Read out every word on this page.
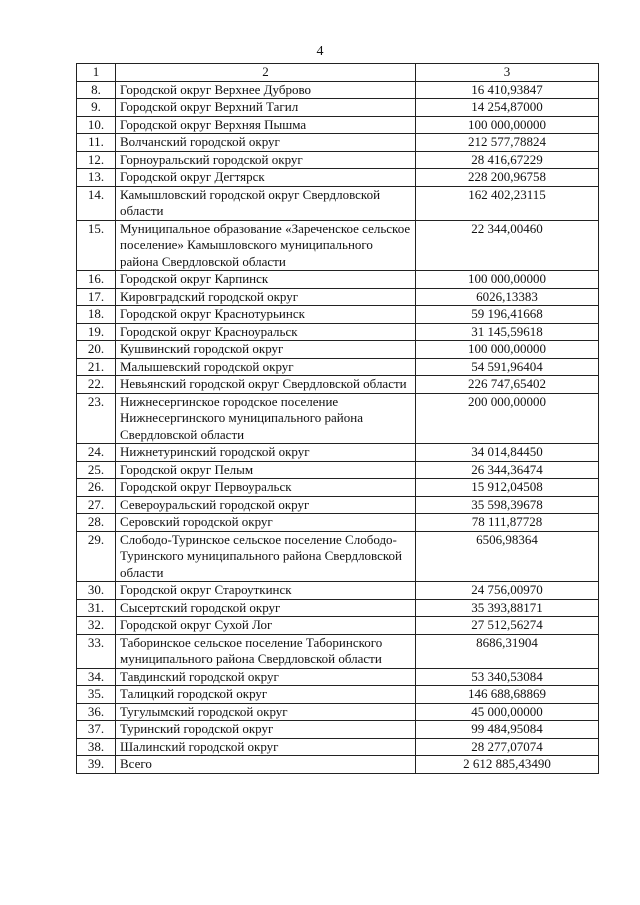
4
1	2	3
8.	Городской округ Верхнее Дуброво	16 410,93847
9.	Городской округ Верхний Тагил	14 254,87000
10.	Городской округ Верхняя Пышма	100 000,00000
11.	Волчанский городской округ	212 577,78824
12.	Горноуральский городской округ	28 416,67229
13.	Городской округ Дегтярск	228 200,96758
14.	Камышловский городской округ Свердловской области	162 402,23115
15.	Муниципальное образование «Зареченское сельское поселение» Камышловского муниципального района Свердловской области	22 344,00460
16.	Городской округ Карпинск	100 000,00000
17.	Кировградский городской округ	6026,13383
18.	Городской округ Краснотурьинск	59 196,41668
19.	Городской округ Красноуральск	31 145,59618
20.	Кушвинский городской округ	100 000,00000
21.	Малышевский городской округ	54 591,96404
22.	Невьянский городской округ Свердловской области	226 747,65402
23.	Нижнесергинское городское поселение Нижнесергинского муниципального района Свердловской области	200 000,00000
24.	Нижнетуринский городской округ	34 014,84450
25.	Городской округ Пелым	26 344,36474
26.	Городской округ Первоуральск	15 912,04508
27.	Североуральский городской округ	35 598,39678
28.	Серовский городской округ	78 111,87728
29.	Слободо-Туринское сельское поселение Слободо-Туринского муниципального района Свердловской области	6506,98364
30.	Городской округ Староуткинск	24 756,00970
31.	Сысертский городской округ	35 393,88171
32.	Городской округ Сухой Лог	27 512,56274
33.	Таборинское сельское поселение Таборинского муниципального района Свердловской области	8686,31904
34.	Тавдинский городской округ	53 340,53084
35.	Талицкий городской округ	146 688,68869
36.	Тугулымский городской округ	45 000,00000
37.	Туринский городской округ	99 484,95084
38.	Шалинский городской округ	28 277,07074
39.	Всего	2 612 885,43490
